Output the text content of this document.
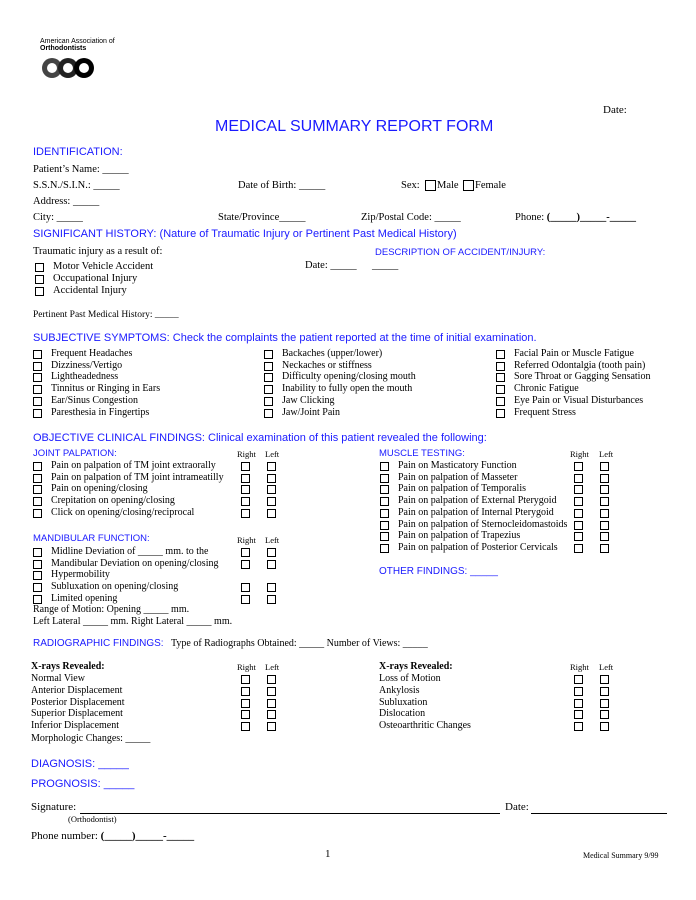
American Association of
Orthodontists
Date:
MEDICAL SUMMARY REPORT FORM
IDENTIFICATION:
Patient’s Name: _____
S.S.N./S.I.N.: _____	Date of Birth: _____	Sex: Male Female
Address: _____
City: _____	State/Province_____	Zip/Postal Code: _____	Phone: (_____)_____-_____
SIGNIFICANT HISTORY: (Nature of Traumatic Injury or Pertinent Past Medical History)
Traumatic injury as a result of:	DESCRIPTION OF ACCIDENT/INJURY:
Date: _____ _____
Motor Vehicle Accident
Occupational Injury
Accidental Injury
Pertinent Past Medical History: _____
SUBJECTIVE SYMPTOMS: Check the complaints the patient reported at the time of initial examination.
Frequent Headaches
Dizziness/Vertigo
Lightheadedness
Tinnitus or Ringing in Ears
Ear/Sinus Congestion
Paresthesia in Fingertips
Backaches (upper/lower)
Neckaches or stiffness
Difficulty opening/closing mouth
Inability to fully open the mouth
Jaw Clicking
Jaw/Joint Pain
Facial Pain or Muscle Fatigue
Referred Odontalgia (tooth pain)
Sore Throat or Gagging Sensation
Chronic Fatigue
Eye Pain or Visual Disturbances
Frequent Stress
OBJECTIVE CLINICAL FINDINGS: Clinical examination of this patient revealed the following:
JOINT PALPATION:	Right Left	MUSCLE TESTING:	Right Left
MANDIBULAR FUNCTION:	Right Left
Pain on palpation of TM joint extraorally
Pain on palpation of TM joint intrameatilly
Pain on opening/closing
Crepitation on opening/closing
Click on opening/closing/reciprocal
Pain on Masticatory Function
Pain on palpation of Masseter
Pain on palpation of Temporalis
Pain on palpation of External Pterygoid
Pain on palpation of Internal Pterygoid
Pain on palpation of Sternocleidomastoids
Pain on palpation of Trapezius
Pain on palpation of Posterior Cervicals
Midline Deviation of _____ mm. to the
Mandibular Deviation on opening/closing
Hypermobility
Subluxation on opening/closing
Limited opening
Range of Motion: Opening _____ mm.
Left Lateral _____ mm. Right Lateral _____ mm.
OTHER FINDINGS: _____
RADIOGRAPHIC FINDINGS: Type of Radiographs Obtained: _____ Number of Views: _____
X-rays Revealed:	Right Left	X-rays Revealed:	Right Left
Normal View
Anterior Displacement
Posterior Displacement
Superior Displacement
Inferior Displacement
Loss of Motion
Ankylosis
Subluxation
Dislocation
Osteoarthritic Changes
Morphologic Changes: _____
DIAGNOSIS: _____
PROGNOSIS: _____
Signature:	Date:
(Orthodontist)
Phone number: (_____)_____-_____
1	Medical Summary 9/99
